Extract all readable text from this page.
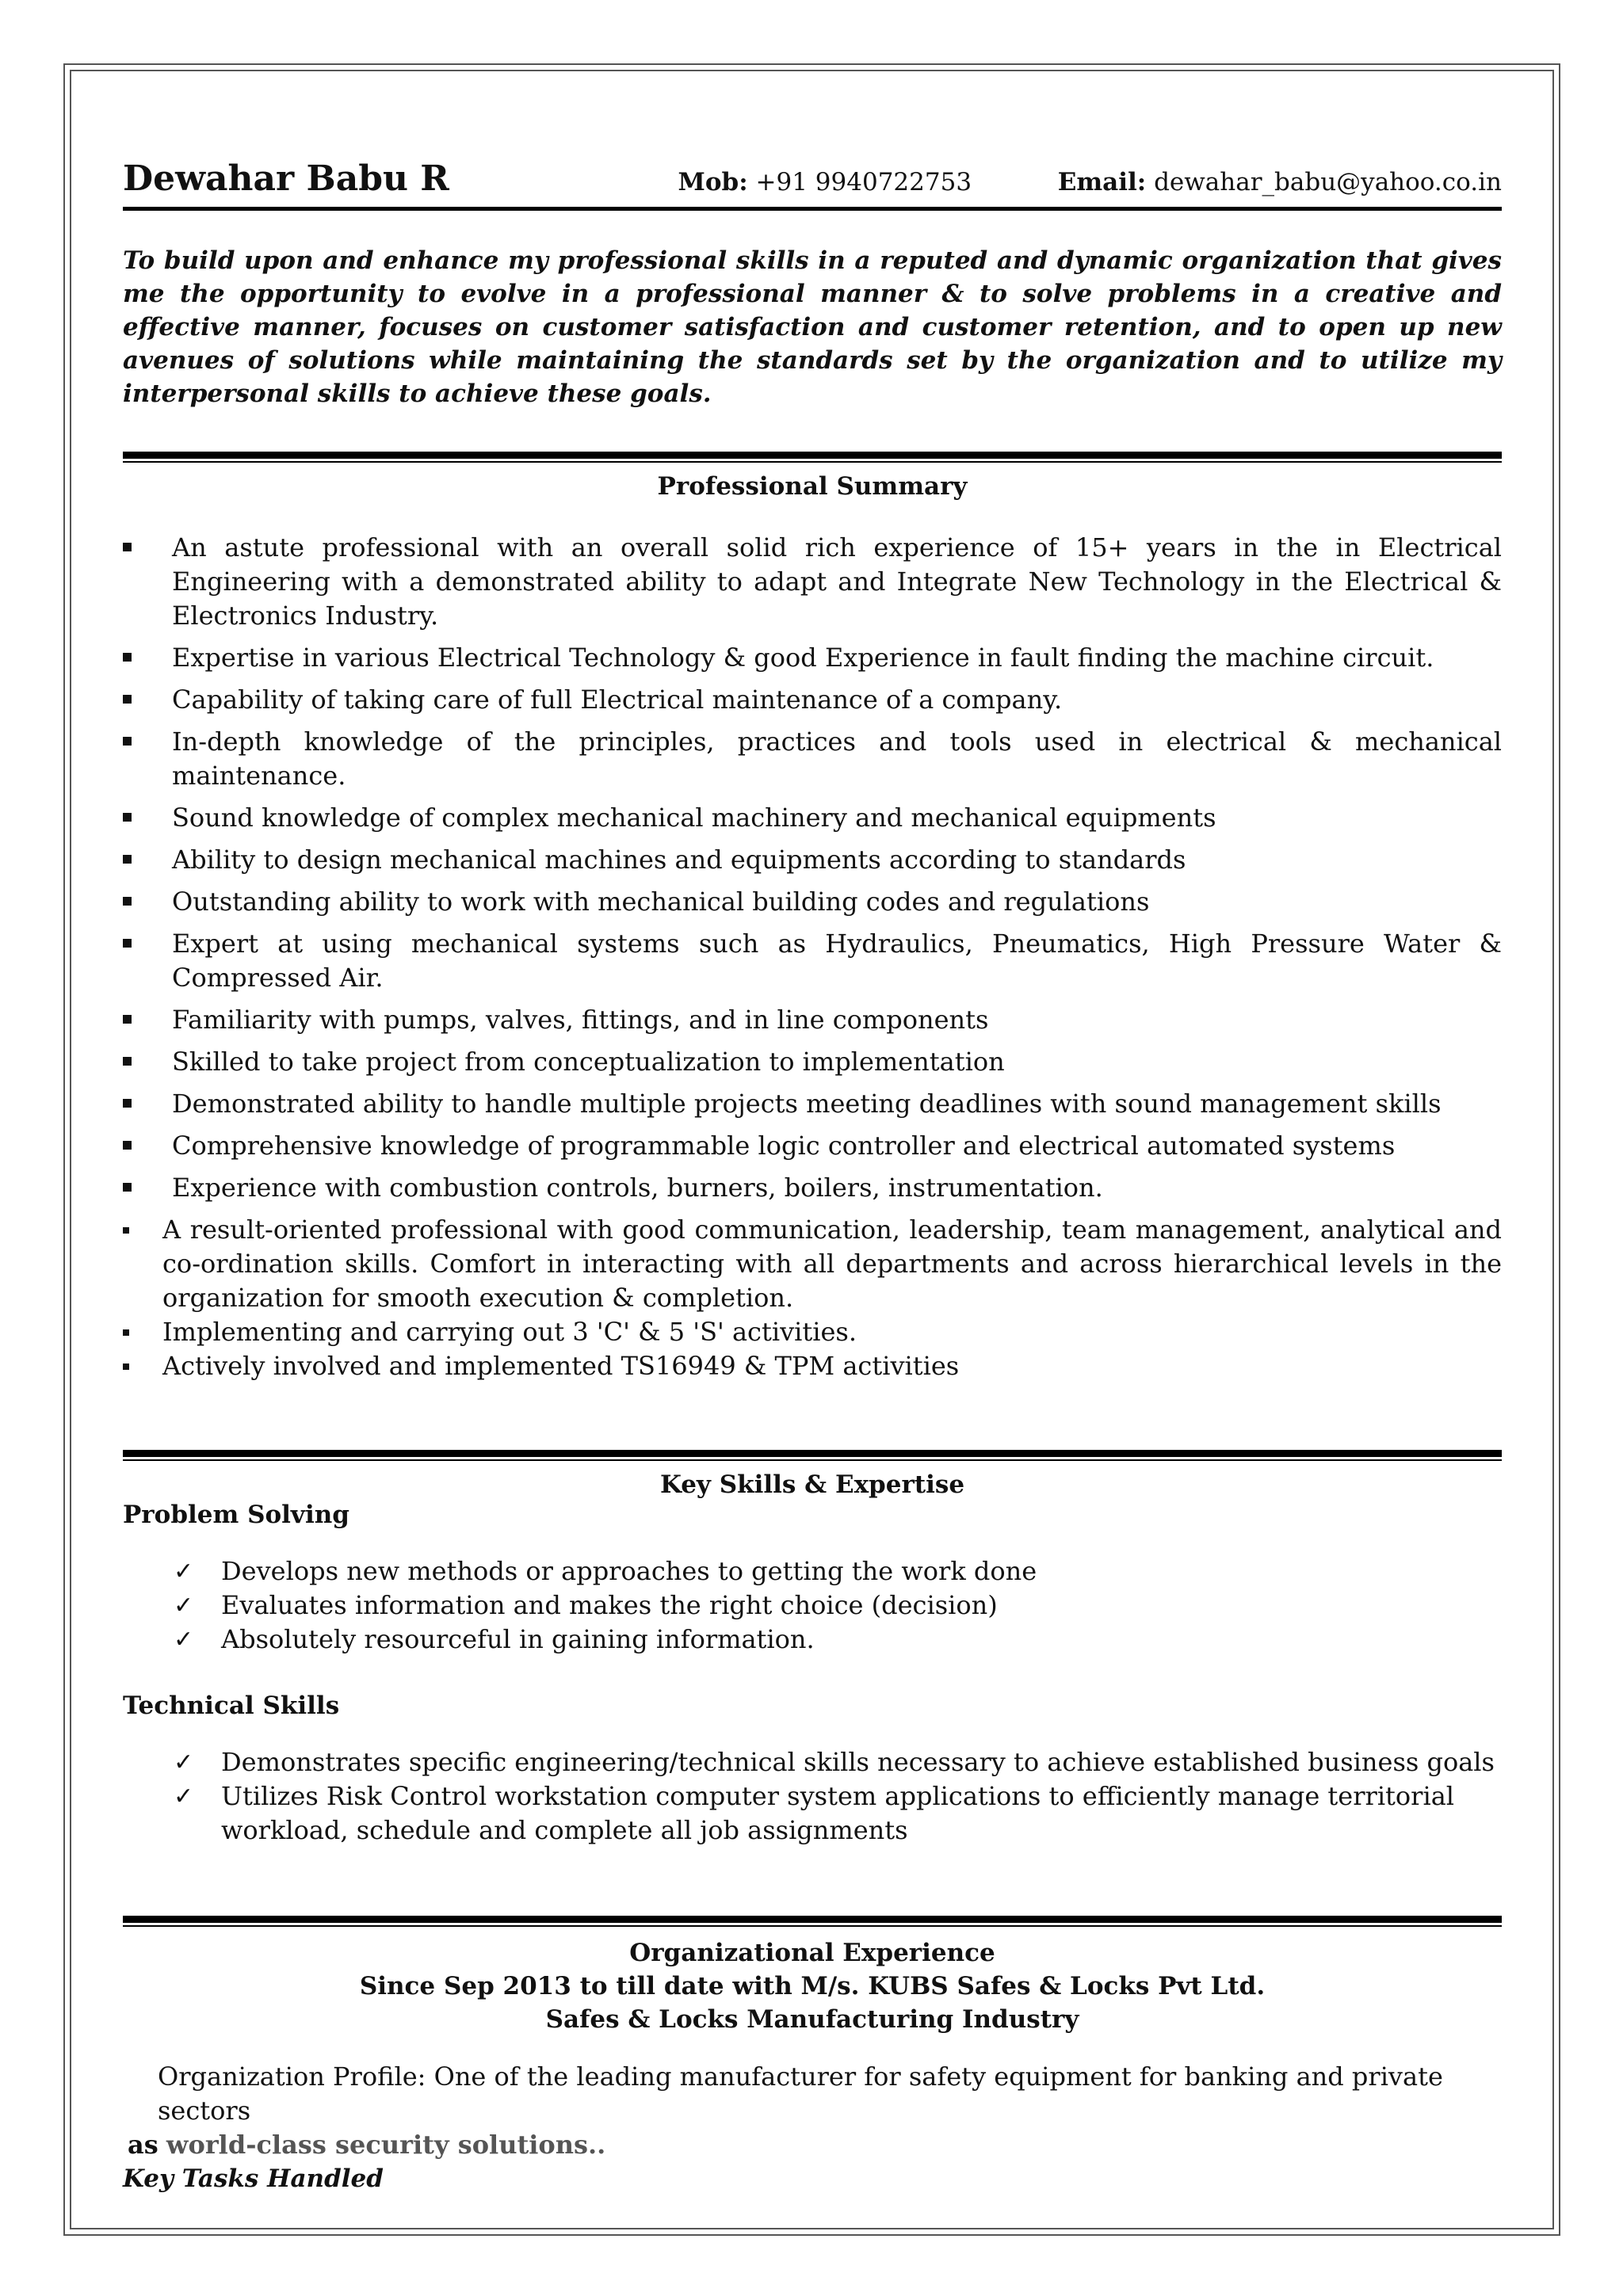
Dewahar Babu R	Mob: +91 9940722753	Email: dewahar_babu@yahoo.co.in
To build upon and enhance my professional skills in a reputed and dynamic organization that gives me the opportunity to evolve in a professional manner & to solve problems in a creative and effective manner, focuses on customer satisfaction and customer retention, and to open up new avenues of solutions while maintaining the standards set by the organization and to utilize my interpersonal skills to achieve these goals.
Professional Summary
An astute professional with an overall solid rich experience of 15+ years in the in Electrical Engineering with a demonstrated ability to adapt and Integrate New Technology in the Electrical & Electronics Industry.
Expertise in various Electrical Technology & good Experience in fault finding the machine circuit.
Capability of taking care of full Electrical maintenance of a company.
In-depth knowledge of the principles, practices and tools used in electrical & mechanical maintenance.
Sound knowledge of complex mechanical machinery and mechanical equipments
Ability to design mechanical machines and equipments according to standards
Outstanding ability to work with mechanical building codes and regulations
Expert at using mechanical systems such as Hydraulics, Pneumatics, High Pressure Water & Compressed Air.
Familiarity with pumps, valves, fittings, and in line components
Skilled to take project from conceptualization to implementation
Demonstrated ability to handle multiple projects meeting deadlines with sound management skills
Comprehensive knowledge of programmable logic controller and electrical automated systems
Experience with combustion controls, burners, boilers, instrumentation.
A result-oriented professional with good communication, leadership, team management, analytical and co-ordination skills. Comfort in interacting with all departments and across hierarchical levels in the organization for smooth execution & completion.
Implementing and carrying out 3 'C' & 5 'S' activities.
Actively involved and implemented TS16949 & TPM activities
Key Skills & Expertise
Problem Solving
✓ Develops new methods or approaches to getting the work done
✓ Evaluates information and makes the right choice (decision)
✓ Absolutely resourceful in gaining information.
Technical Skills
✓ Demonstrates specific engineering/technical skills necessary to achieve established business goals
✓ Utilizes Risk Control workstation computer system applications to efficiently manage territorial workload, schedule and complete all job assignments
Organizational Experience
Since Sep 2013 to till date with M/s. KUBS Safes & Locks Pvt Ltd.
Safes & Locks Manufacturing Industry
Organization Profile: One of the leading manufacturer for safety equipment for banking and private sectors
as world-class security solutions..
Key Tasks Handled
